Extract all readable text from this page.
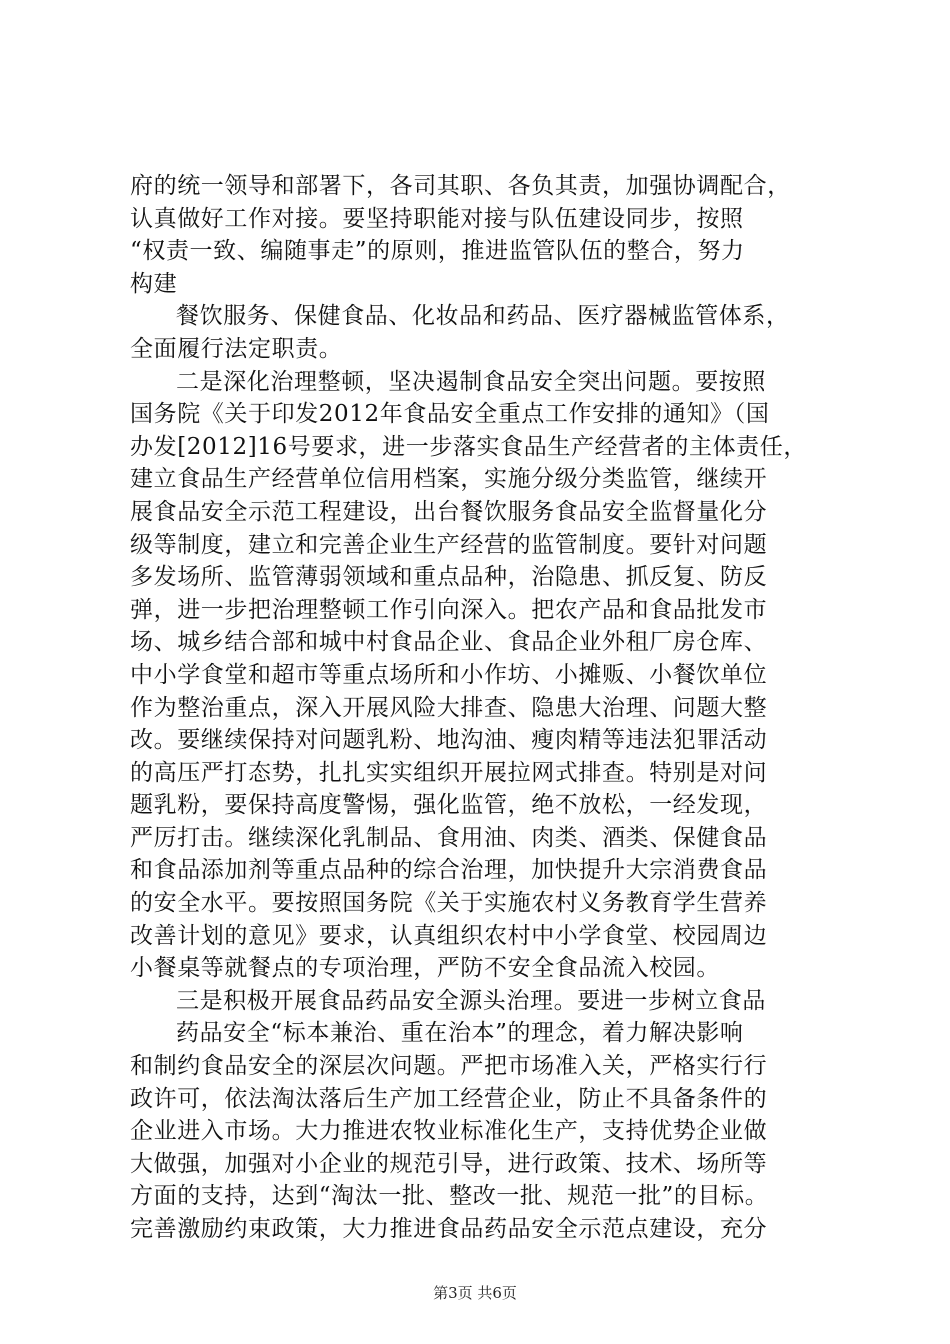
府的统一领导和部署下，各司其职、各负其责，加强协调配合，
认真做好工作对接。要坚持职能对接与队伍建设同步，按照
“权责一致、编随事走”的原则，推进监管队伍的整合，努力
构建
餐饮服务、保健食品、化妆品和药品、医疗器械监管体系，
全面履行法定职责。
二是深化治理整顿，坚决遏制食品安全突出问题。要按照
国务院《关于印发2012年食品安全重点工作安排的通知》（国
办发[2012]16号要求，进一步落实食品生产经营者的主体责任，
建立食品生产经营单位信用档案，实施分级分类监管，继续开
展食品安全示范工程建设，出台餐饮服务食品安全监督量化分
级等制度，建立和完善企业生产经营的监管制度。要针对问题
多发场所、监管薄弱领域和重点品种，治隐患、抓反复、防反
弹，进一步把治理整顿工作引向深入。把农产品和食品批发市
场、城乡结合部和城中村食品企业、食品企业外租厂房仓库、
中小学食堂和超市等重点场所和小作坊、小摊贩、小餐饮单位
作为整治重点，深入开展风险大排查、隐患大治理、问题大整
改。要继续保持对问题乳粉、地沟油、瘦肉精等违法犯罪活动
的高压严打态势，扎扎实实组织开展拉网式排查。特别是对问
题乳粉，要保持高度警惕，强化监管，绝不放松，一经发现，
严厉打击。继续深化乳制品、食用油、肉类、酒类、保健食品
和食品添加剂等重点品种的综合治理，加快提升大宗消费食品
的安全水平。要按照国务院《关于实施农村义务教育学生营养
改善计划的意见》要求，认真组织农村中小学食堂、校园周边
小餐桌等就餐点的专项治理，严防不安全食品流入校园。
三是积极开展食品药品安全源头治理。要进一步树立食品
药品安全“标本兼治、重在治本”的理念，着力解决影响
和制约食品安全的深层次问题。严把市场准入关，严格实行行
政许可，依法淘汰落后生产加工经营企业，防止不具备条件的
企业进入市场。大力推进农牧业标准化生产，支持优势企业做
大做强，加强对小企业的规范引导，进行政策、技术、场所等
方面的支持，达到“淘汰一批、整改一批、规范一批”的目标。
完善激励约束政策，大力推进食品药品安全示范点建设，充分
第3页 共6页
